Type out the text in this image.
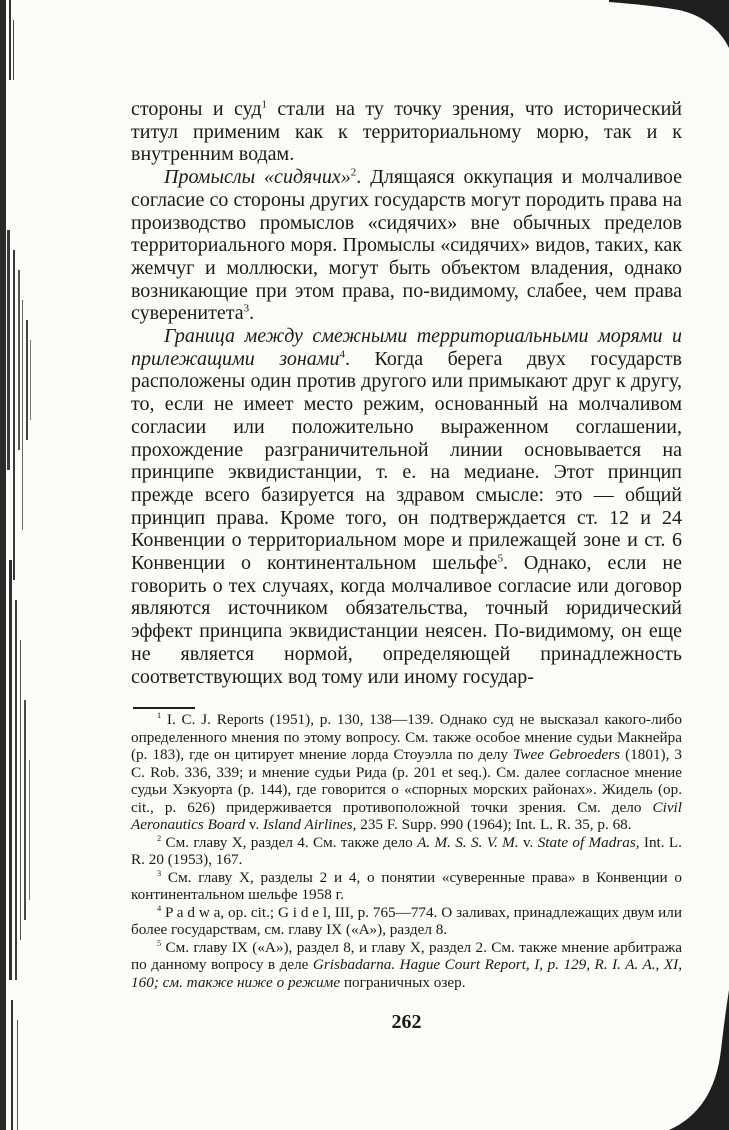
стороны и суд$^1$ стали на ту точку зрения, что исторический титул применим как к территориальному морю, так и к внутренним водам.

Промыслы «сидячих»$^2$. Длящаяся оккупация и молчаливое согласие со стороны других государств могут породить права на производство промыслов «сидячих» вне обычных пределов территориального моря. Промыслы «сидячих» видов, таких, как жемчуг и моллюски, могут быть объектом владения, однако возникающие при этом права, по-видимому, слабее, чем права суверенитета$^3$.

Граница между смежными территориальными морями и прилежащими зонами$^4$. Когда берега двух государств расположены один против другого или примыкают друг к другу, то, если не имеет место режим, основанный на молчаливом согласии или положительно выраженном соглашении, прохождение разграничительной линии основывается на принципе эквидистанции, т. е. на медиане. Этот принцип прежде всего базируется на здравом смысле: это — общий принцип права. Кроме того, он подтверждается ст. 12 и 24 Конвенции о территориальном море и прилежащей зоне и ст. 6 Конвенции о континентальном шельфе$^5$. Однако, если не говорить о тех случаях, когда молчаливое согласие или договор являются источником обязательства, точный юридический эффект принципа эквидистанции неясен. По-видимому, он еще не является нормой, определяющей принадлежность соответствующих вод тому или иному государ-

$^1$ I. C. J. Reports (1951), p. 130, 138—139. Однако суд не высказал какого-либо определенного мнения по этому вопросу. См. также особое мнение судьи Макнейра (p. 183), где он цитирует мнение лорда Стоуэлла по делу Twee Gebroeders (1801), 3 C. Rob. 336, 339; и мнение судьи Рида (p. 201 et seq.). См. далее согласное мнение судьи Хэкуорта (p. 144), где говорится о «спорных морских районах». Жидель (op. cit., p. 626) придерживается противоположной точки зрения. См. дело Civil Aeronautics Board v. Island Airlines, 235 F. Supp. 990 (1964); Int. L. R. 35, p. 68.

$^2$ См. главу X, раздел 4. См. также дело A. M. S. S. V. M. v. State of Madras, Int. L. R. 20 (1953), 167.

$^3$ См. главу X, разделы 2 и 4, о понятии «суверенные права» в Конвенции о континентальном шельфе 1958 г.

$^4$ P a d w a, op. cit.; G i d e l, III, p. 765—774. О заливах, принадлежащих двум или более государствам, см. главу IX («A»), раздел 8.

$^5$ См. главу IX («A»), раздел 8, и главу X, раздел 2. См. также мнение арбитража по данному вопросу в деле Grisbadarna. Hague Court Report, I, p. 129, R. I. A. A., XI, 160; см. также ниже о режиме пограничных озер.

262
